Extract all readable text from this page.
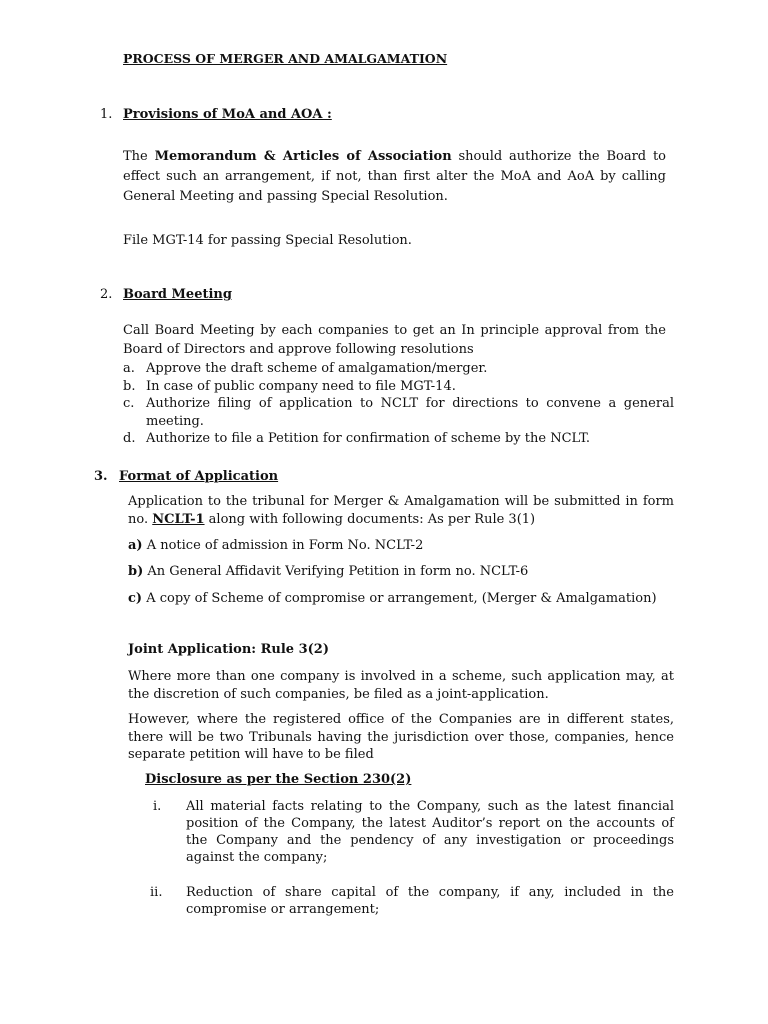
PROCESS OF MERGER AND AMALGAMATION
1. Provisions of MoA and AOA :
The Memorandum & Articles of Association should authorize the Board to effect such an arrangement, if not, than first alter the MoA and AoA by calling General Meeting and passing Special Resolution.
File MGT-14 for passing Special Resolution.
2. Board Meeting
Call Board Meeting by each companies to get an In principle approval from the Board of Directors and approve following resolutions
a. Approve the draft scheme of amalgamation/merger.
b. In case of public company need to file MGT-14.
c. Authorize filing of application to NCLT for directions to convene a general meeting.
d. Authorize to file a Petition for confirmation of scheme by the NCLT.
3. Format of Application
Application to the tribunal for Merger & Amalgamation will be submitted in form no. NCLT-1 along with following documents: As per Rule 3(1)
a) A notice of admission in Form No. NCLT-2
b) An General Affidavit Verifying Petition in form no. NCLT-6
c) A copy of Scheme of compromise or arrangement, (Merger & Amalgamation)
Joint Application: Rule 3(2)
Where more than one company is involved in a scheme, such application may, at the discretion of such companies, be filed as a joint-application.
However, where the registered office of the Companies are in different states, there will be two Tribunals having the jurisdiction over those, companies, hence separate petition will have to be filed
Disclosure as per the Section 230(2)
i. All material facts relating to the Company, such as the latest financial position of the Company, the latest Auditor’s report on the accounts of the Company and the pendency of any investigation or proceedings against the company;
ii. Reduction of share capital of the company, if any, included in the compromise or arrangement;
